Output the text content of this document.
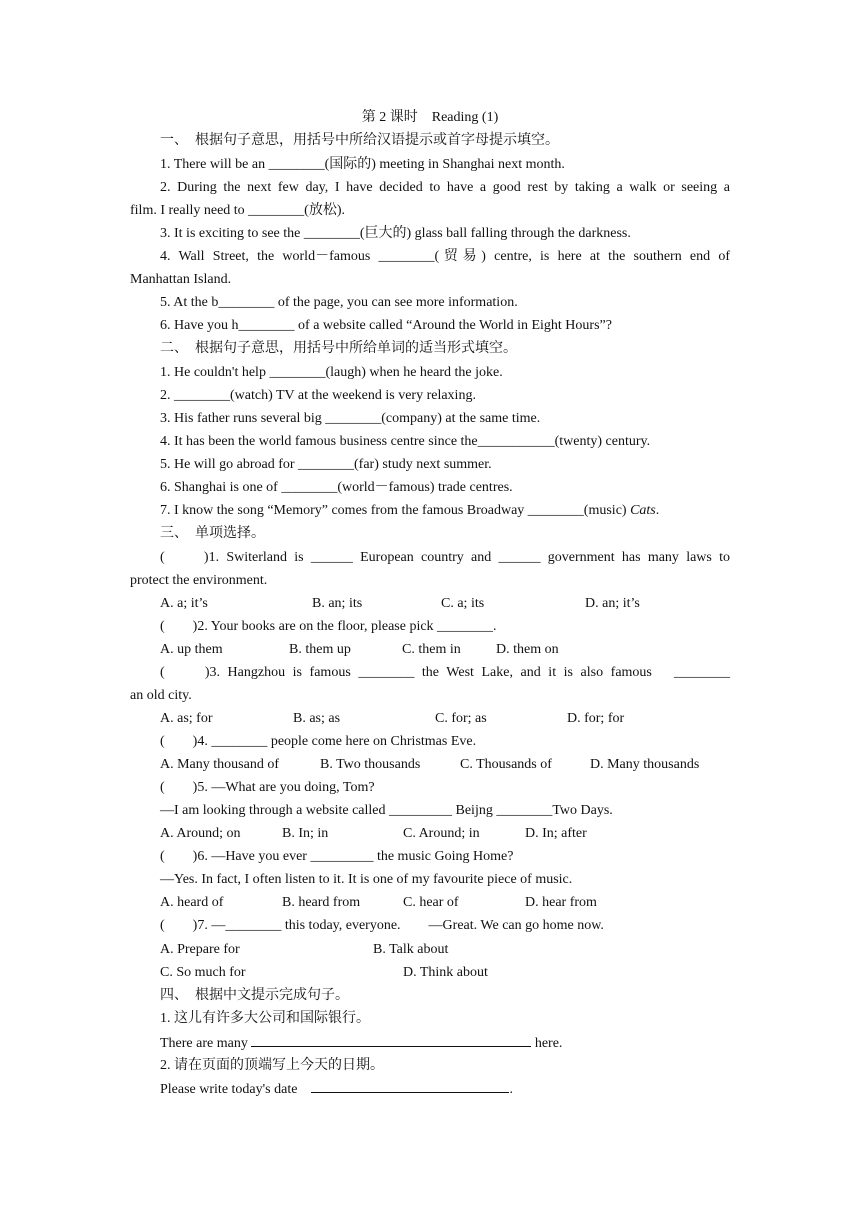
第 2 课时　Reading (1)
一、　根据句子意思，用括号中所给汉语提示或首字母提示填空。
1. There will be an ________(国际的) meeting in Shanghai next month.
2. During the next few day, I have decided to have a good rest by taking a walk or seeing a
film. I really need to ________(放松).
3. It is exciting to see the ________(巨大的) glass ball falling through the darkness.
4. Wall Street, the world－famous ________(贸易) centre, is here at the southern end of
Manhattan Island.
5. At the b________ of the page, you can see more information.
6. Have you h________ of a website called “Around the World in Eight Hours”?
二、　根据句子意思，用括号中所给单词的适当形式填空。
1. He couldn't help ________(laugh) when he heard the joke.
2. ________(watch) TV at the weekend is very relaxing.
3. His father runs several big ________(company) at the same time.
4. It has been the world famous business centre since the___________(twenty) century.
5. He will go abroad for ________(far) study next summer.
6. Shanghai is one of ________(world－famous) trade centres.
7. I know the song “Memory” comes from the famous Broadway ________(music) Cats.
三、　单项选择。
(　　)1. Switerland is ______ European country and ______ government has many laws to
protect the environment.
A. a; it’s	B. an; its	C. a; its	D. an; it’s
(　　)2. Your books are on the floor, please pick ________.
A. up them	B. them up	C. them in	D. them on
(　　)3. Hangzhou is famous ________ the West Lake, and it is also famous　________
an old city.
A. as; for	B. as; as	C. for; as	D. for; for
(　　)4. ________ people come here on Christmas Eve.
A. Many thousand of	B. Two thousands	C. Thousands of	D. Many thousands
(　　)5. —What are you doing, Tom?
—I am looking through a website called _________ Beijng ________Two Days.
A. Around; on	B. In; in	C. Around; in	D. In; after
(　　)6. —Have you ever _________ the music Going Home?
—Yes. In fact, I often listen to it. It is one of my favourite piece of music.
A. heard of	B. heard from	C. hear of	D. hear from
(　　)7. —________ this today, everyone.　　—Great. We can go home now.
A. Prepare for	B. Talk about
C. So much for	D. Think about
四、　根据中文提示完成句子。
1. 这儿有许多大公司和国际银行。
There are many	here.
2. 请在页面的顶端写上今天的日期。
Please write today's date　	.
